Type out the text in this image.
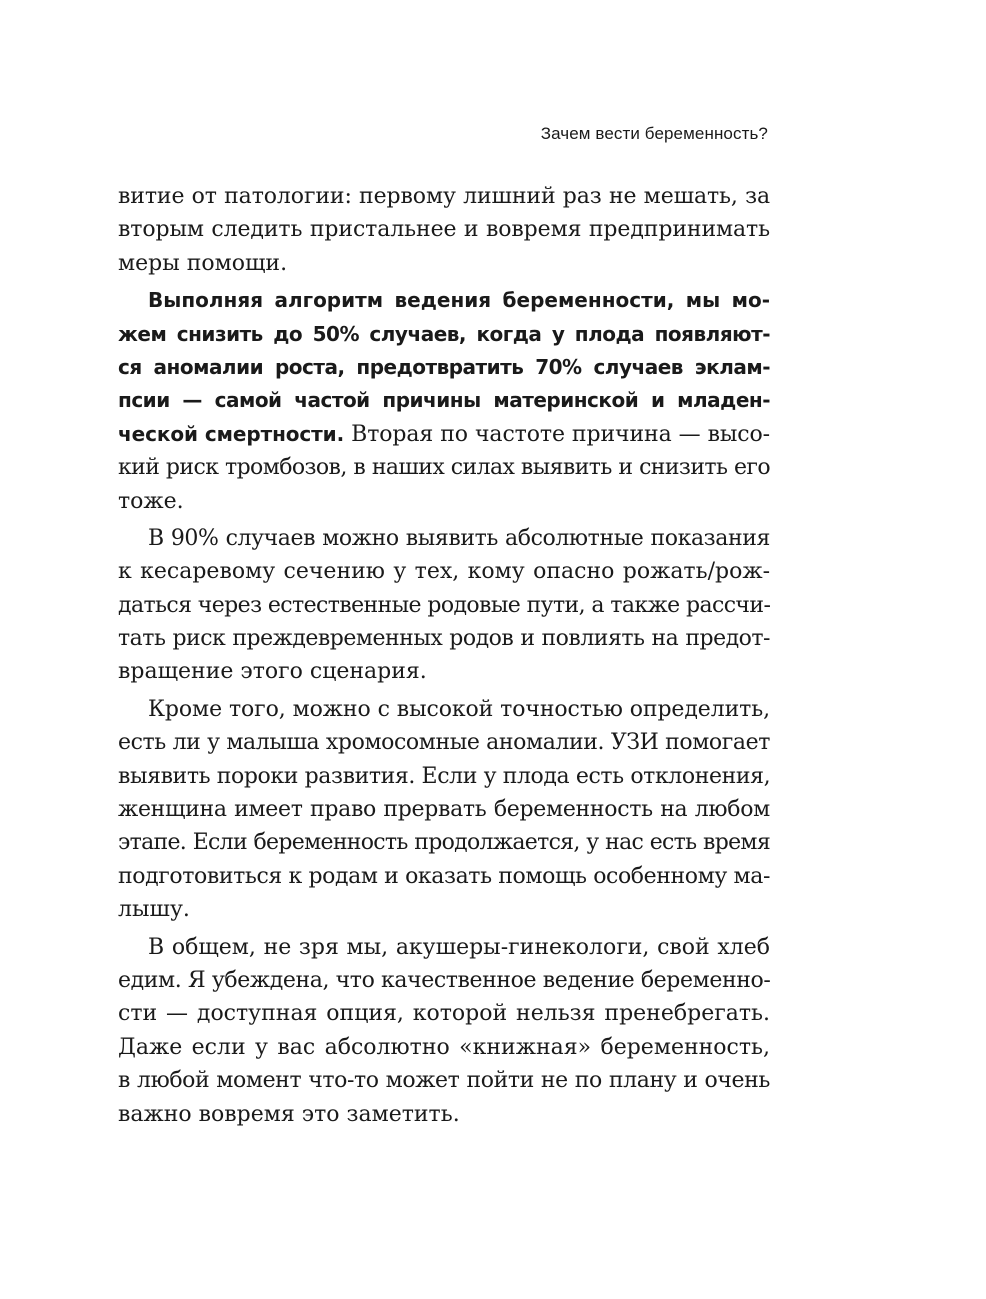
Зачем вести беременность?
витие от патологии: первому лишний раз не мешать, за
вторым следить пристальнее и вовремя предпринимать
меры помощи.
Выполняя алгоритм ведения беременности, мы мо-
жем снизить до 50% случаев, когда у плода появляют-
ся аномалии роста, предотвратить 70% случаев эклам-
псии — самой частой причины материнской и младен-
ческой смертности. Вторая по частоте причина — высо-
кий риск тромбозов, в наших силах выявить и снизить его
тоже.
В 90% случаев можно выявить абсолютные показания
к кесаревому сечению у тех, кому опасно рожать/рож-
даться через естественные родовые пути, а также рассчи-
тать риск преждевременных родов и повлиять на предот-
вращение этого сценария.
Кроме того, можно с высокой точностью определить,
есть ли у малыша хромосомные аномалии. УЗИ помогает
выявить пороки развития. Если у плода есть отклонения,
женщина имеет право прервать беременность на любом
этапе. Если беременность продолжается, у нас есть время
подготовиться к родам и оказать помощь особенному ма-
лышу.
В общем, не зря мы, акушеры-гинекологи, свой хлеб
едим. Я убеждена, что качественное ведение беременно-
сти — доступная опция, которой нельзя пренебрегать.
Даже если у вас абсолютно «книжная» беременность,
в любой момент что-то может пойти не по плану и очень
важно вовремя это заметить.
